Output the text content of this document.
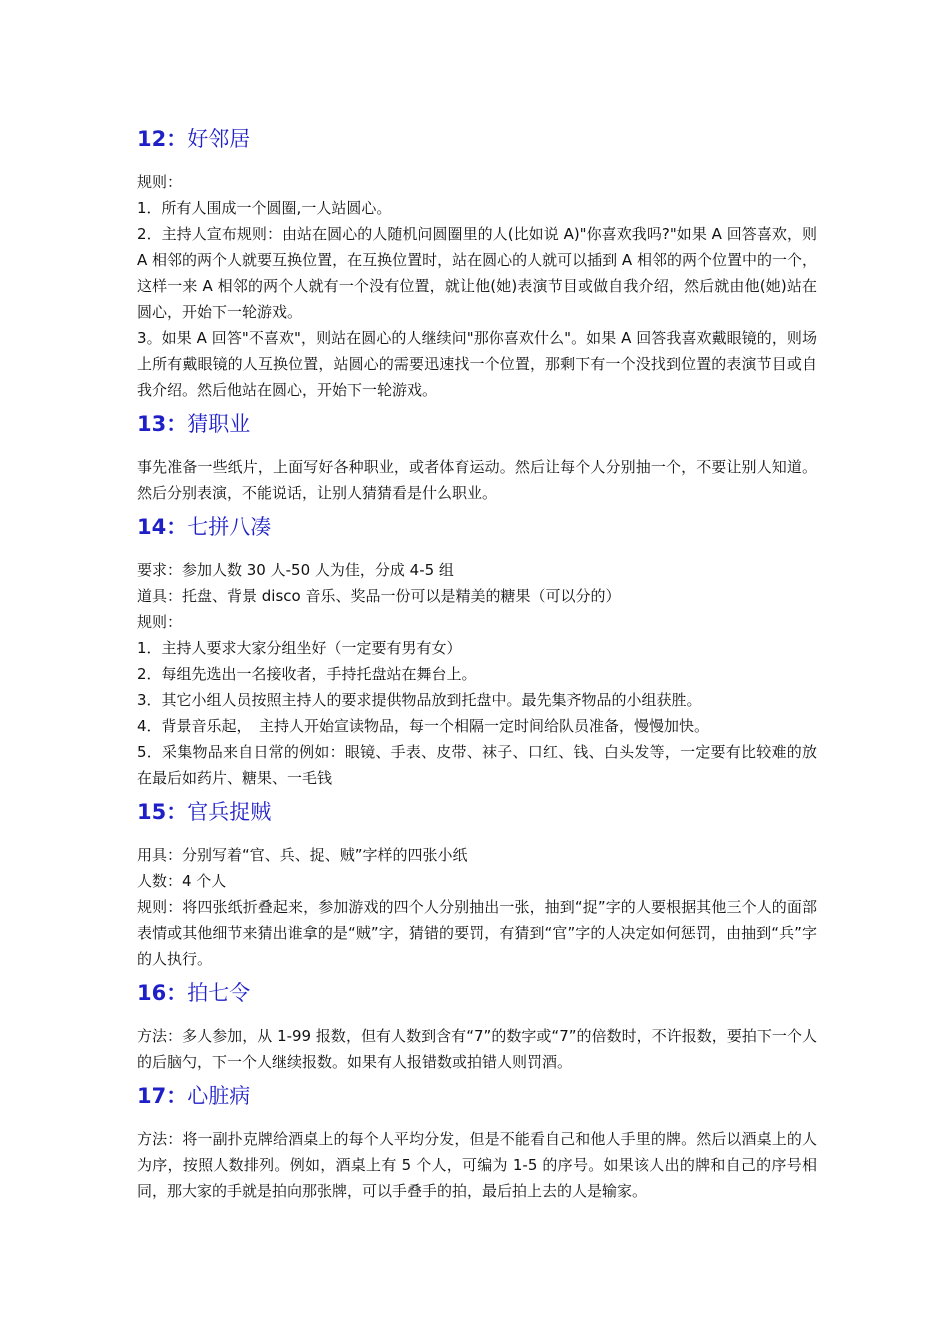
12：好邻居

规则：

1．所有人围成一个圆圈,一人站圆心。

2．主持人宣布规则：由站在圆心的人随机问圆圈里的人(比如说 A)"你喜欢我吗?"如果 A 回答喜欢，则 A 相邻的两个人就要互换位置，在互换位置时，站在圆心的人就可以插到 A 相邻的两个位置中的一个，这样一来 A 相邻的两个人就有一个没有位置，就让他(她)表演节目或做自我介绍，然后就由他(她)站在圆心，开始下一轮游戏。

3。如果 A 回答"不喜欢"，则站在圆心的人继续问"那你喜欢什么"。如果 A 回答我喜欢戴眼镜的，则场上所有戴眼镜的人互换位置，站圆心的需要迅速找一个位置，那剩下有一个没找到位置的表演节目或自我介绍。然后他站在圆心，开始下一轮游戏。

13：猜职业

事先准备一些纸片，上面写好各种职业，或者体育运动。然后让每个人分别抽一个，不要让别人知道。然后分别表演，不能说话，让别人猜猜看是什么职业。

14：七拼八凑

要求：参加人数 30 人-50 人为佳，分成 4-5 组

道具：托盘、背景 disco 音乐、奖品一份可以是精美的糖果（可以分的）

规则：

1．主持人要求大家分组坐好（一定要有男有女）

2．每组先选出一名接收者，手持托盘站在舞台上。

3．其它小组人员按照主持人的要求提供物品放到托盘中。最先集齐物品的小组获胜。

4．背景音乐起，　主持人开始宣读物品，每一个相隔一定时间给队员准备，慢慢加快。

5．采集物品来自日常的例如：眼镜、手表、皮带、袜子、口红、钱、白头发等，一定要有比较难的放在最后如药片、糖果、一毛钱

15：官兵捉贼

用具：分别写着“官、兵、捉、贼”字样的四张小纸

人数：4 个人

规则：将四张纸折叠起来，参加游戏的四个人分别抽出一张，抽到“捉”字的人要根据其他三个人的面部表情或其他细节来猜出谁拿的是“贼”字，猜错的要罚，有猜到“官”字的人决定如何惩罚，由抽到“兵”字的人执行。

16：拍七令

方法：多人参加，从 1-99 报数，但有人数到含有“7”的数字或“7”的倍数时，不许报数，要拍下一个人的后脑勺，下一个人继续报数。如果有人报错数或拍错人则罚酒。

17：心脏病

方法：将一副扑克牌给酒桌上的每个人平均分发，但是不能看自己和他人手里的牌。然后以酒桌上的人为序，按照人数排列。例如，酒桌上有 5 个人，可编为 1-5 的序号。如果该人出的牌和自己的序号相同，那大家的手就是拍向那张牌，可以手叠手的拍，最后拍上去的人是输家。
